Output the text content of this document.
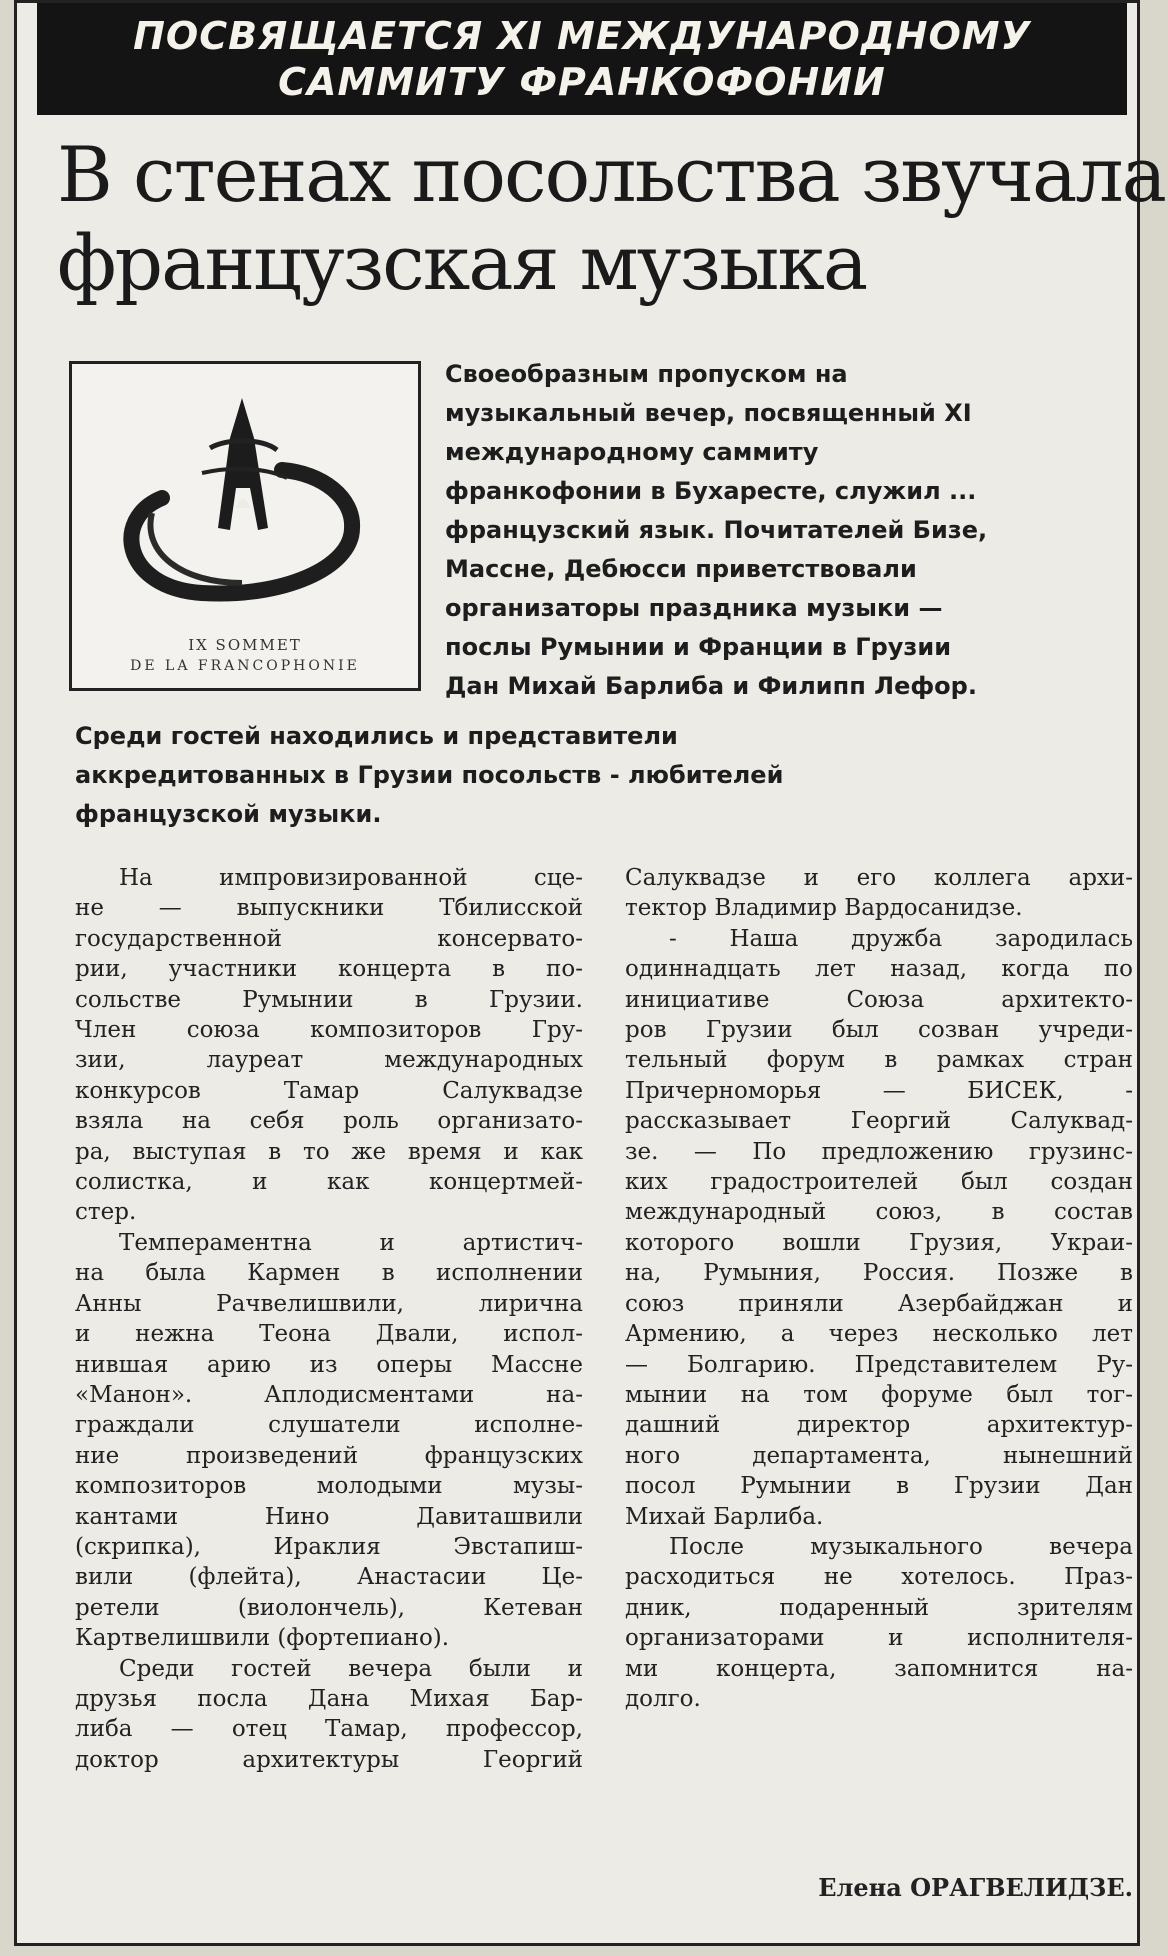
ПОСВЯЩАЕТСЯ XI МЕЖДУНАРОДНОМУ
САММИТУ ФРАНКОФОНИИ
В стенах посольства звучала
французская музыка
IX SOMMET
DE LA FRANCOPHONIE
Своеобразным пропуском на
музыкальный вечер, посвященный XI
международному саммиту
франкофонии в Бухаресте, служил ...
французский язык. Почитателей Бизе,
Массне, Дебюсси приветствовали
организаторы праздника музыки —
послы Румынии и Франции в Грузии
Дан Михай Барлиба и Филипп Лефор.
Среди гостей находились и представители
аккредитованных в Грузии посольств - любителей
французской музыки.
На импровизированной сце-
не — выпускники Тбилисской
государственной консервато-
рии, участники концерта в по-
сольстве Румынии в Грузии.
Член союза композиторов Гру-
зии, лауреат международных
конкурсов Тамар Салуквадзе
взяла на себя роль организато-
ра, выступая в то же время и как
солистка, и как концертмей-
стер.
Темпераментна и артистич-
на была Кармен в исполнении
Анны Рачвелишвили, лирична
и нежна Теона Двали, испол-
нившая арию из оперы Массне
«Манон». Аплодисментами на-
граждали слушатели исполне-
ние произведений французских
композиторов молодыми музы-
кантами Нино Давиташвили
(скрипка), Ираклия Эвстапиш-
вили (флейта), Анастасии Це-
ретели (виолончель), Кетеван
Картвелишвили (фортепиано).
Среди гостей вечера были и
друзья посла Дана Михая Бар-
либа — отец Тамар, профессор,
доктор архитектуры Георгий
Салуквадзе и его коллега архи-
тектор Владимир Вардосанидзе.
- Наша дружба зародилась
одиннадцать лет назад, когда по
инициативе Союза архитекто-
ров Грузии был созван учреди-
тельный форум в рамках стран
Причерноморья — БИСЕК, -
рассказывает Георгий Салуквад-
зе. — По предложению грузинс-
ких градостроителей был создан
международный союз, в состав
которого вошли Грузия, Украи-
на, Румыния, Россия. Позже в
союз приняли Азербайджан и
Армению, а через несколько лет
— Болгарию. Представителем Ру-
мынии на том форуме был тог-
дашний директор архитектур-
ного департамента, нынешний
посол Румынии в Грузии Дан
Михай Барлиба.
После музыкального вечера
расходиться не хотелось. Праз-
дник, подаренный зрителям
организаторами и исполнителя-
ми концерта, запомнится на-
долго.
Елена ОРАГВЕЛИДЗЕ.
